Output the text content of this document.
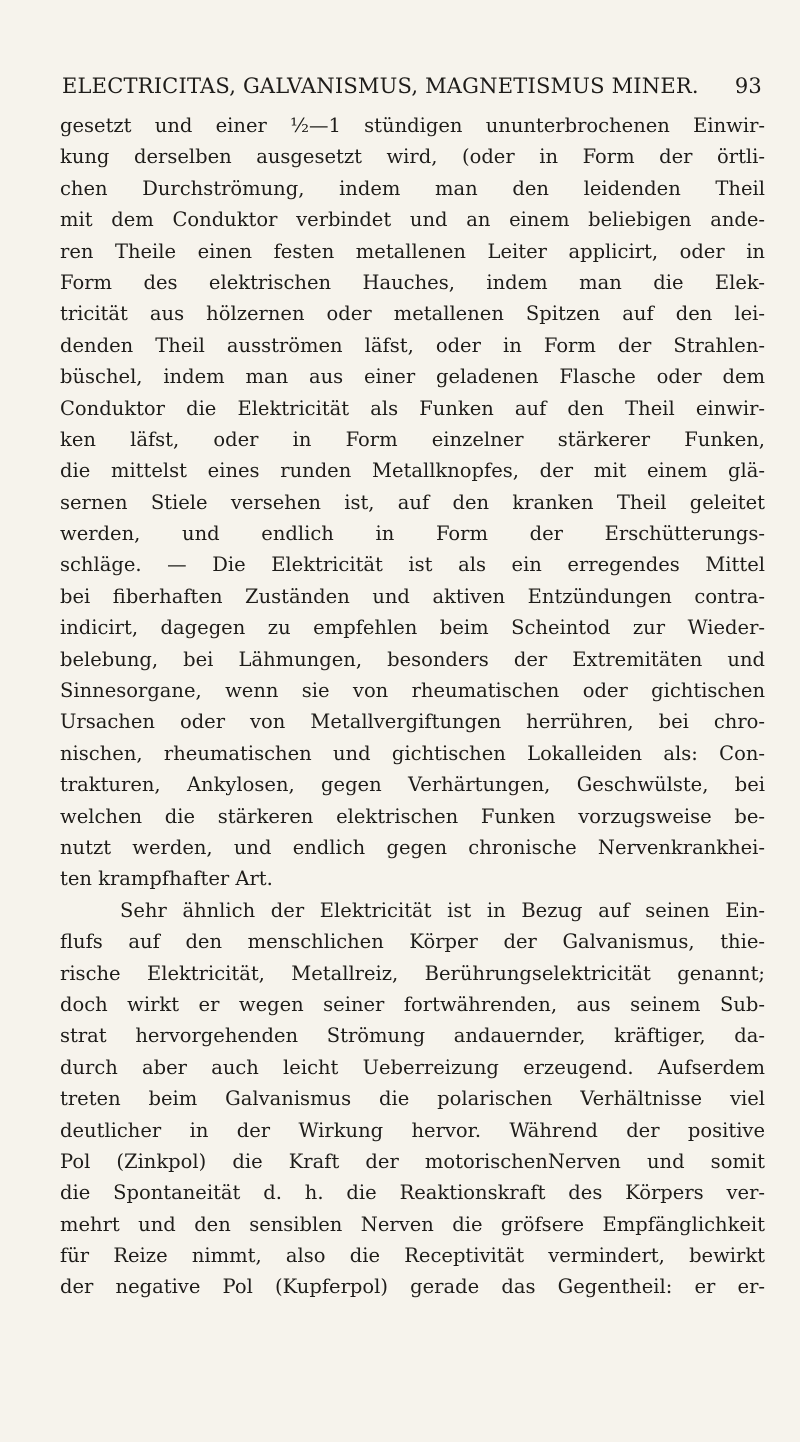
ELECTRICITAS, GALVANISMUS, MAGNETISMUS MINER. 93
gesetzt und einer ½—1 stündigen ununterbrochenen Einwir-
kung derselben ausgesetzt wird, (oder in Form der örtli-
chen Durchströmung, indem man den leidenden Theil
mit dem Conduktor verbindet und an einem beliebigen ande-
ren Theile einen festen metallenen Leiter applicirt, oder in
Form des elektrischen Hauches, indem man die Elek-
tricität aus hölzernen oder metallenen Spitzen auf den lei-
denden Theil ausströmen läfst, oder in Form der Strahlen-
büschel, indem man aus einer geladenen Flasche oder dem
Conduktor die Elektricität als Funken auf den Theil einwir-
ken läfst, oder in Form einzelner stärkerer Funken,
die mittelst eines runden Metallknopfes, der mit einem glä-
sernen Stiele versehen ist, auf den kranken Theil geleitet
werden, und endlich in Form der Erschütterungs-
schläge. — Die Elektricität ist als ein erregendes Mittel
bei fiberhaften Zuständen und aktiven Entzündungen contra-
indicirt, dagegen zu empfehlen beim Scheintod zur Wieder-
belebung, bei Lähmungen, besonders der Extremitäten und
Sinnesorgane, wenn sie von rheumatischen oder gichtischen
Ursachen oder von Metallvergiftungen herrühren, bei chro-
nischen, rheumatischen und gichtischen Lokalleiden als: Con-
trakturen, Ankylosen, gegen Verhärtungen, Geschwülste, bei
welchen die stärkeren elektrischen Funken vorzugsweise be-
nutzt werden, und endlich gegen chronische Nervenkrankhei-
ten krampfhafter Art.
Sehr ähnlich der Elektricität ist in Bezug auf seinen Ein-
flufs auf den menschlichen Körper der Galvanismus, thie-
rische Elektricität, Metallreiz, Berührungselektricität genannt;
doch wirkt er wegen seiner fortwährenden, aus seinem Sub-
strat hervorgehenden Strömung andauernder, kräftiger, da-
durch aber auch leicht Ueberreizung erzeugend. Aufserdem
treten beim Galvanismus die polarischen Verhältnisse viel
deutlicher in der Wirkung hervor. Während der positive
Pol (Zinkpol) die Kraft der motorischenNerven und somit
die Spontaneität d. h. die Reaktionskraft des Körpers ver-
mehrt und den sensiblen Nerven die gröfsere Empfänglichkeit
für Reize nimmt, also die Receptivität vermindert, bewirkt
der negative Pol (Kupferpol) gerade das Gegentheil: er er-
